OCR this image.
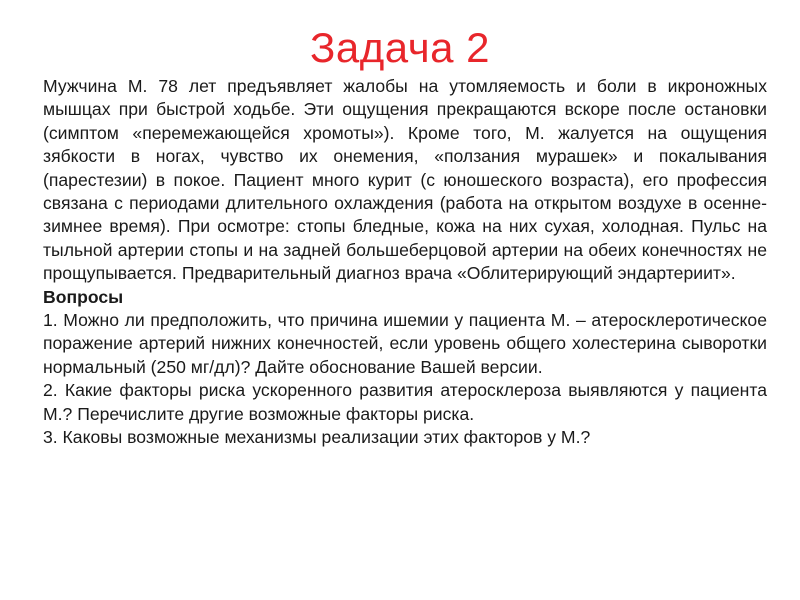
Задача 2

Мужчина М. 78 лет предъявляет жалобы на утомляемость и боли в икроножных мышцах при быстрой ходьбе. Эти ощущения прекращаются вскоре после остановки (симптом «перемежающейся хромоты»). Кроме того, М. жалуется на ощущения зябкости в ногах, чувство их онемения, «ползания мурашек» и покалывания (парестезии) в покое. Пациент много курит (с юношеского возраста), его профессия связана с периодами длительного охлаждения (работа на открытом воздухе в осенне-зимнее время). При осмотре: стопы бледные, кожа на них сухая, холодная. Пульс на тыльной артерии стопы и на задней большеберцовой артерии на обеих конечностях не прощупывается. Предварительный диагноз врача «Облитерирующий эндартериит».

Вопросы

1. Можно ли предположить, что причина ишемии у пациента М. – атеросклеротическое поражение артерий нижних конечностей, если уровень общего холестерина сыворотки нормальный (250 мг/дл)? Дайте обоснование Вашей версии.

2. Какие факторы риска ускоренного развития атеросклероза выявляются у пациента М.? Перечислите другие возможные факторы риска.

3. Каковы возможные механизмы реализации этих факторов у М.?
